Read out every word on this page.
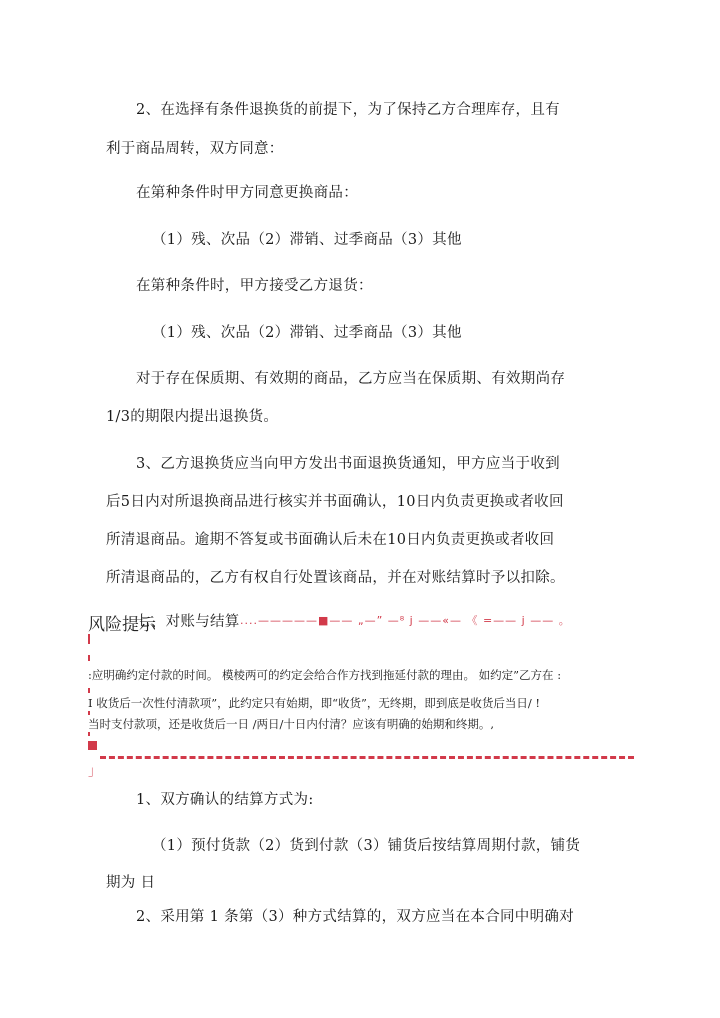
2、在选择有条件退换货的前提下，为了保持乙方合理库存，且有
利于商品周转，双方同意：
在第种条件时甲方同意更换商品：
（1）残、次品（2）滞销、过季商品（3）其他
在第种条件时，甲方接受乙方退货：
（1）残、次品（2）滞销、过季商品（3）其他
对于存在保质期、有效期的商品，乙方应当在保质期、有效期尚存
1/3的期限内提出退换货。
3、乙方退换货应当向甲方发出书面退换货通知，甲方应当于收到
后5日内对所退换商品进行核实并书面确认，10日内负责更换或者收回
所清退商品。逾期不答复或书面确认后未在10日内负责更换或者收回
所清退商品的，乙方有权自行处置该商品，并在对账结算时予以扣除。
七、对账与结算 ....—————■—— „—” —⁸ j ——«— 《 =—— j —— 。
风险提示
:应明确约定付款的时间。 模棱两可的约定会给合作方找到拖延付款的理由。 如约定”乙方在 :
I 收货后一次性付清款项”，此约定只有始期，即“收货”，无终期，即到底是收货后当日/ !
当时支付款项，还是收货后一日 /两日/十日内付清？应该有明确的始期和终期。,
」
1、双方确认的结算方式为:
（1）预付货款（2）货到付款（3）铺货后按结算周期付款，铺货
期为 日
2、采用第 1 条第（3）种方式结算的，双方应当在本合同中明确对
